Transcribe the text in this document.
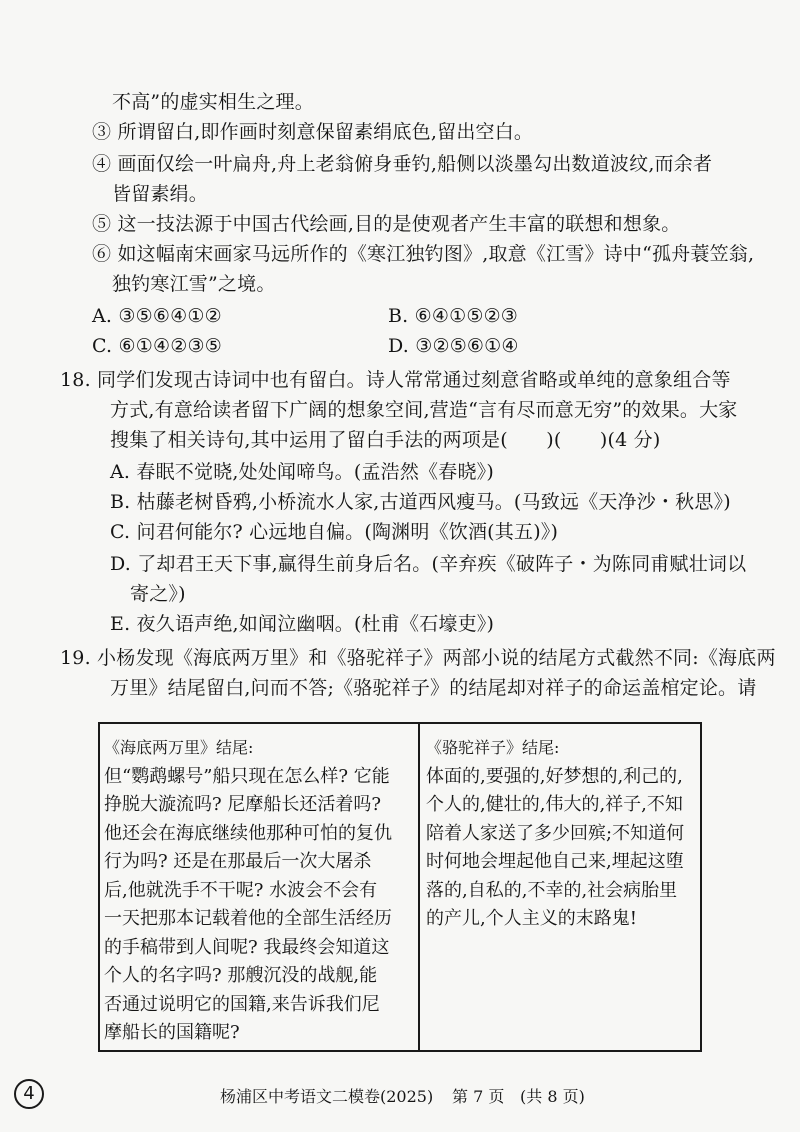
不高”的虚实相生之理。
③ 所谓留白,即作画时刻意保留素绢底色,留出空白。
④ 画面仅绘一叶扁舟,舟上老翁俯身垂钓,船侧以淡墨勾出数道波纹,而余者
皆留素绢。
⑤ 这一技法源于中国古代绘画,目的是使观者产生丰富的联想和想象。
⑥ 如这幅南宋画家马远所作的《寒江独钓图》,取意《江雪》诗中“孤舟蓑笠翁,
独钓寒江雪”之境。
A. ③⑤⑥④①②	B. ⑥④①⑤②③
C. ⑥①④②③⑤	D. ③②⑤⑥①④
18. 同学们发现古诗词中也有留白。诗人常常通过刻意省略或单纯的意象组合等
方式,有意给读者留下广阔的想象空间,营造“言有尽而意无穷”的效果。大家
搜集了相关诗句,其中运用了留白手法的两项是(　　)(　　)(4 分)
A. 春眠不觉晓,处处闻啼鸟。(孟浩然《春晓》)
B. 枯藤老树昏鸦,小桥流水人家,古道西风瘦马。(马致远《天净沙・秋思》)
C. 问君何能尔? 心远地自偏。(陶渊明《饮酒(其五)》)
D. 了却君王天下事,赢得生前身后名。(辛弃疾《破阵子・为陈同甫赋壮词以
寄之》)
E. 夜久语声绝,如闻泣幽咽。(杜甫《石壕吏》)
19. 小杨发现《海底两万里》和《骆驼祥子》两部小说的结尾方式截然不同:《海底两
万里》结尾留白,问而不答;《骆驼祥子》的结尾却对祥子的命运盖棺定论。请
《海底两万里》结尾:
但“鹦鹉螺号”船只现在怎么样? 它能
挣脱大漩流吗? 尼摩船长还活着吗?
他还会在海底继续他那种可怕的复仇
行为吗? 还是在那最后一次大屠杀
后,他就洗手不干呢? 水波会不会有
一天把那本记载着他的全部生活经历
的手稿带到人间呢? 我最终会知道这
个人的名字吗? 那艘沉没的战舰,能
否通过说明它的国籍,来告诉我们尼
摩船长的国籍呢?
《骆驼祥子》结尾:
体面的,要强的,好梦想的,利己的,
个人的,健壮的,伟大的,祥子,不知
陪着人家送了多少回殡;不知道何
时何地会埋起他自己来,埋起这堕
落的,自私的,不幸的,社会病胎里
的产儿,个人主义的末路鬼!
4	杨浦区中考语文二模卷(2025) 第 7 页 (共 8 页)
